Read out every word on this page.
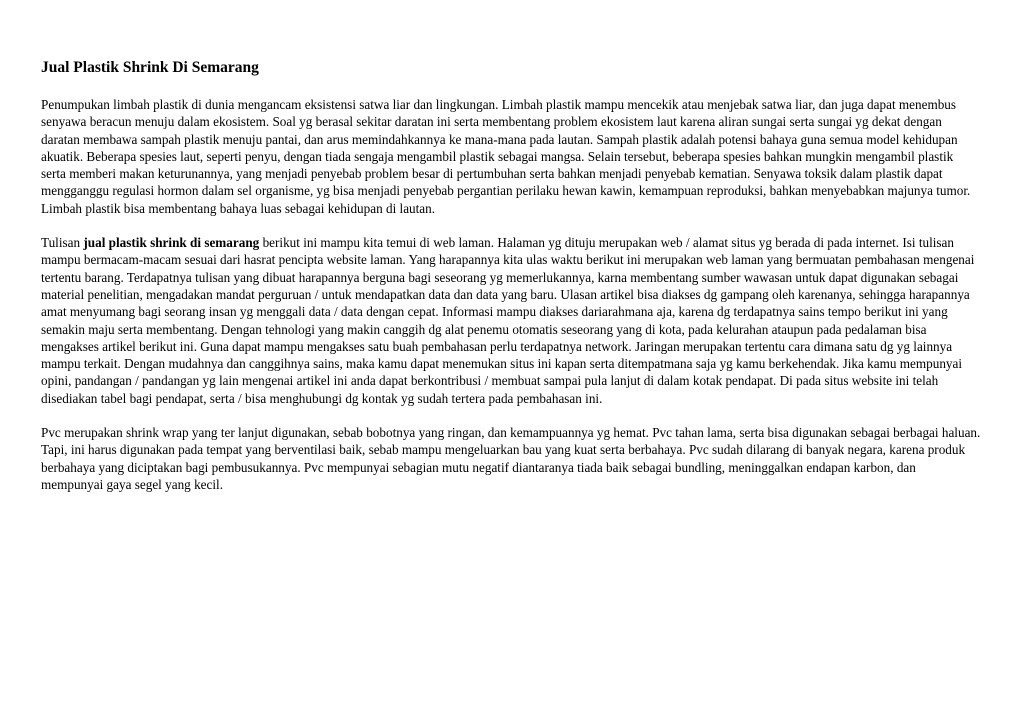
Jual Plastik Shrink Di Semarang

Penumpukan limbah plastik di dunia mengancam eksistensi satwa liar dan lingkungan. Limbah plastik mampu mencekik atau menjebak satwa liar, dan juga dapat menembus senyawa beracun menuju dalam ekosistem. Soal yg berasal sekitar daratan ini serta membentang problem ekosistem laut karena aliran sungai serta sungai yg dekat dengan daratan membawa sampah plastik menuju pantai, dan arus memindahkannya ke mana-mana pada lautan. Sampah plastik adalah potensi bahaya guna semua model kehidupan akuatik. Beberapa spesies laut, seperti penyu, dengan tiada sengaja mengambil plastik sebagai mangsa. Selain tersebut, beberapa spesies bahkan mungkin mengambil plastik serta memberi makan keturunannya, yang menjadi penyebab problem besar di pertumbuhan serta bahkan menjadi penyebab kematian. Senyawa toksik dalam plastik dapat mengganggu regulasi hormon dalam sel organisme, yg bisa menjadi penyebab pergantian perilaku hewan kawin, kemampuan reproduksi, bahkan menyebabkan majunya tumor. Limbah plastik bisa membentang bahaya luas sebagai kehidupan di lautan.

Tulisan jual plastik shrink di semarang berikut ini mampu kita temui di web laman. Halaman yg dituju merupakan web / alamat situs yg berada di pada internet. Isi tulisan mampu bermacam-macam sesuai dari hasrat pencipta website laman. Yang harapannya kita ulas waktu berikut ini merupakan web laman yang bermuatan pembahasan mengenai tertentu barang. Terdapatnya tulisan yang dibuat harapannya berguna bagi seseorang yg memerlukannya, karna membentang sumber wawasan untuk dapat digunakan sebagai material penelitian, mengadakan mandat perguruan / untuk mendapatkan data dan data yang baru. Ulasan artikel bisa diakses dg gampang oleh karenanya, sehingga harapannya amat menyumang bagi seorang insan yg menggali data / data dengan cepat. Informasi mampu diakses dariarahmana aja, karena dg terdapatnya sains tempo berikut ini yang semakin maju serta membentang. Dengan tehnologi yang makin canggih dg alat penemu otomatis seseorang yang di kota, pada kelurahan ataupun pada pedalaman bisa mengakses artikel berikut ini. Guna dapat mampu mengakses satu buah pembahasan perlu terdapatnya network. Jaringan merupakan tertentu cara dimana satu dg yg lainnya mampu terkait. Dengan mudahnya dan canggihnya sains, maka kamu dapat menemukan situs ini kapan serta ditempatmana saja yg kamu berkehendak. Jika kamu mempunyai opini, pandangan / pandangan yg lain mengenai artikel ini anda dapat berkontribusi / membuat sampai pula lanjut di dalam kotak pendapat. Di pada situs website ini telah disediakan tabel bagi pendapat, serta / bisa menghubungi dg kontak yg sudah tertera pada pembahasan ini.

Pvc merupakan shrink wrap yang ter lanjut digunakan, sebab bobotnya yang ringan, dan kemampuannya yg hemat. Pvc tahan lama, serta bisa digunakan sebagai berbagai haluan. Tapi, ini harus digunakan pada tempat yang berventilasi baik, sebab mampu mengeluarkan bau yang kuat serta berbahaya. Pvc sudah dilarang di banyak negara, karena produk berbahaya yang diciptakan bagi pembusukannya. Pvc mempunyai sebagian mutu negatif diantaranya tiada baik sebagai bundling, meninggalkan endapan karbon, dan mempunyai gaya segel yang kecil.
